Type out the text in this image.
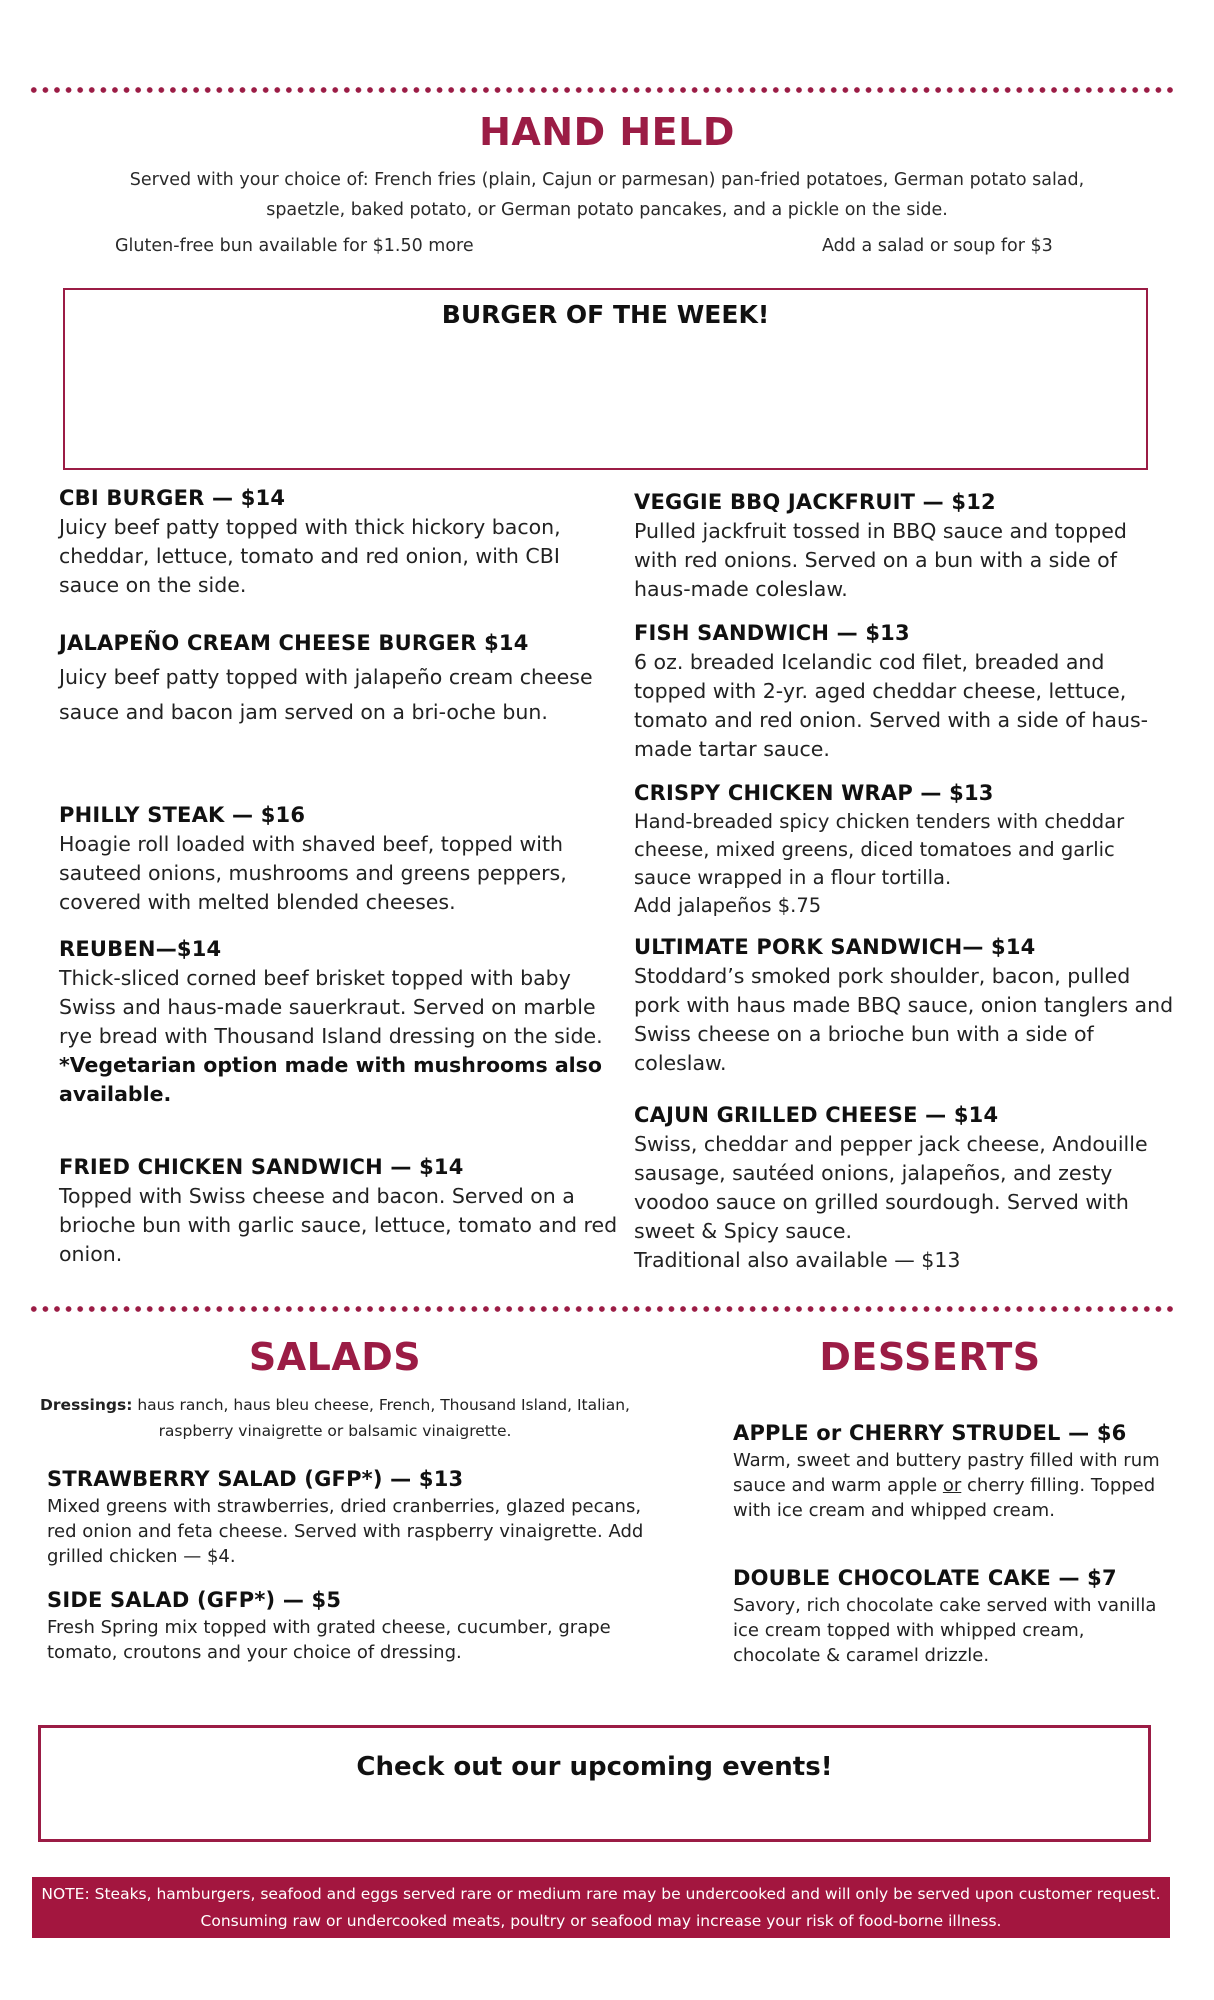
HAND HELD
Served with your choice of: French fries (plain, Cajun or parmesan) pan-fried potatoes, German potato salad,
spaetzle, baked potato, or German potato pancakes, and a pickle on the side.
Gluten-free bun available for $1.50 more	Add a salad or soup for $3
BURGER OF THE WEEK!
CBI BURGER — $14
Juicy beef patty topped with thick hickory bacon, cheddar, lettuce, tomato and red onion, with CBI sauce on the side.
JALAPEÑO CREAM CHEESE BURGER $14
Juicy beef patty topped with jalapeño cream cheese sauce and bacon jam served on a bri-oche bun.
PHILLY STEAK — $16
Hoagie roll loaded with shaved beef, topped with sauteed onions, mushrooms and greens peppers, covered with melted blended cheeses.
REUBEN—$14
Thick-sliced corned beef brisket topped with baby Swiss and haus-made sauerkraut. Served on marble rye bread with Thousand Island dressing on the side.
*Vegetarian option made with mushrooms also available.
FRIED CHICKEN SANDWICH — $14
Topped with Swiss cheese and bacon. Served on a brioche bun with garlic sauce, lettuce, tomato and red onion.
VEGGIE BBQ JACKFRUIT — $12
Pulled jackfruit tossed in BBQ sauce and topped with red onions. Served on a bun with a side of haus-made coleslaw.
FISH SANDWICH — $13
6 oz. breaded Icelandic cod filet, breaded and topped with 2-yr. aged cheddar cheese, lettuce, tomato and red onion. Served with a side of haus-made tartar sauce.
CRISPY CHICKEN WRAP — $13
Hand-breaded spicy chicken tenders with cheddar cheese, mixed greens, diced tomatoes and garlic sauce wrapped in a flour tortilla.
Add jalapeños $.75
ULTIMATE PORK SANDWICH— $14
Stoddard’s smoked pork shoulder, bacon, pulled pork with haus made BBQ sauce, onion tanglers and Swiss cheese on a brioche bun with a side of coleslaw.
CAJUN GRILLED CHEESE — $14
Swiss, cheddar and pepper jack cheese, Andouille sausage, sautéed onions, jalapeños, and zesty voodoo sauce on grilled sourdough. Served with sweet & Spicy sauce.
Traditional also available — $13
SALADS
Dressings: haus ranch, haus bleu cheese, French, Thousand Island, Italian, raspberry vinaigrette or balsamic vinaigrette.
STRAWBERRY SALAD (GFP*) — $13
Mixed greens with strawberries, dried cranberries, glazed pecans, red onion and feta cheese. Served with raspberry vinaigrette. Add grilled chicken — $4.
SIDE SALAD (GFP*) — $5
Fresh Spring mix topped with grated cheese, cucumber, grape tomato, croutons and your choice of dressing.
DESSERTS
APPLE or CHERRY STRUDEL — $6
Warm, sweet and buttery pastry filled with rum sauce and warm apple or cherry filling. Topped with ice cream and whipped cream.
DOUBLE CHOCOLATE CAKE — $7
Savory, rich chocolate cake served with vanilla ice cream topped with whipped cream, chocolate & caramel drizzle.
Check out our upcoming events!
NOTE: Steaks, hamburgers, seafood and eggs served rare or medium rare may be undercooked and will only be served upon customer request. Consuming raw or undercooked meats, poultry or seafood may increase your risk of food-borne illness.
